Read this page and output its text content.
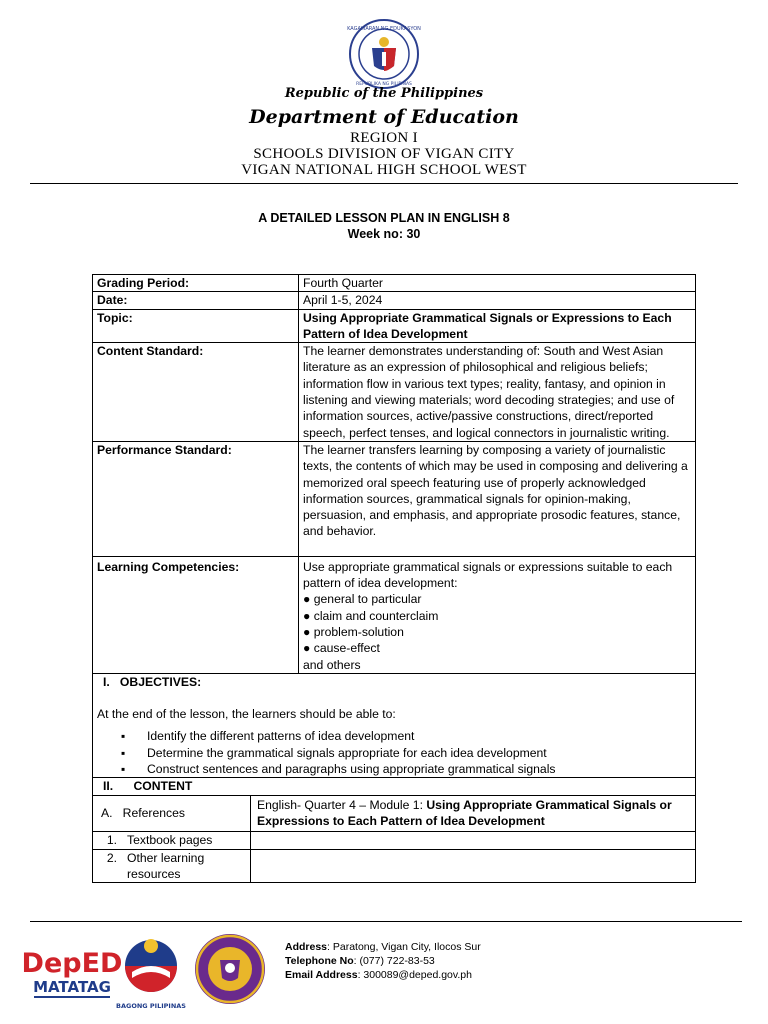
KAGAWARAN NG EDUKASYON
REPUBLIKA NG PILIPINAS
Republic of the Philippines
Department of Education
REGION I
SCHOOLS DIVISION OF VIGAN CITY
VIGAN NATIONAL HIGH SCHOOL WEST
A DETAILED LESSON PLAN IN ENGLISH 8
Week no: 30
Grading Period:	Fourth Quarter
Date:	April 1-5, 2024
Topic:	Using Appropriate Grammatical Signals or Expressions to Each Pattern of Idea Development
Content Standard:	The learner demonstrates understanding of: South and West Asian literature as an expression of philosophical and religious beliefs; information flow in various text types; reality, fantasy, and opinion in listening and viewing materials; word decoding strategies; and use of information sources, active/passive constructions, direct/reported speech, perfect tenses, and logical connectors in journalistic writing.
Performance Standard:	The learner transfers learning by composing a variety of journalistic texts, the contents of which may be used in composing and delivering a memorized oral speech featuring use of properly acknowledged information sources, grammatical signals for opinion-making, persuasion, and emphasis, and appropriate prosodic features, stance, and behavior.
Learning Competencies:	Use appropriate grammatical signals or expressions suitable to each
pattern of idea development:
● general to particular
● claim and counterclaim
● problem-solution
● cause-effect
and others

I.   OBJECTIVES:
At the end of the lesson, the learners should be able to:
▪ Identify the different patterns of idea development
▪ Determine the grammatical signals appropriate for each idea development
▪ Construct sentences and paragraphs using appropriate grammatical signals

II.      CONTENT

A.   References	English- Quarter 4 – Module 1: Using Appropriate Grammatical Signals or Expressions to Each Pattern of Idea Development
1. Textbook pages	

2. Other learning resources

DepED
MATATAG
BAGONG PILIPINAS
Address: Paratong, Vigan City, Ilocos Sur
Telephone No: (077) 722-83-53
Email Address: 300089@deped.gov.ph
